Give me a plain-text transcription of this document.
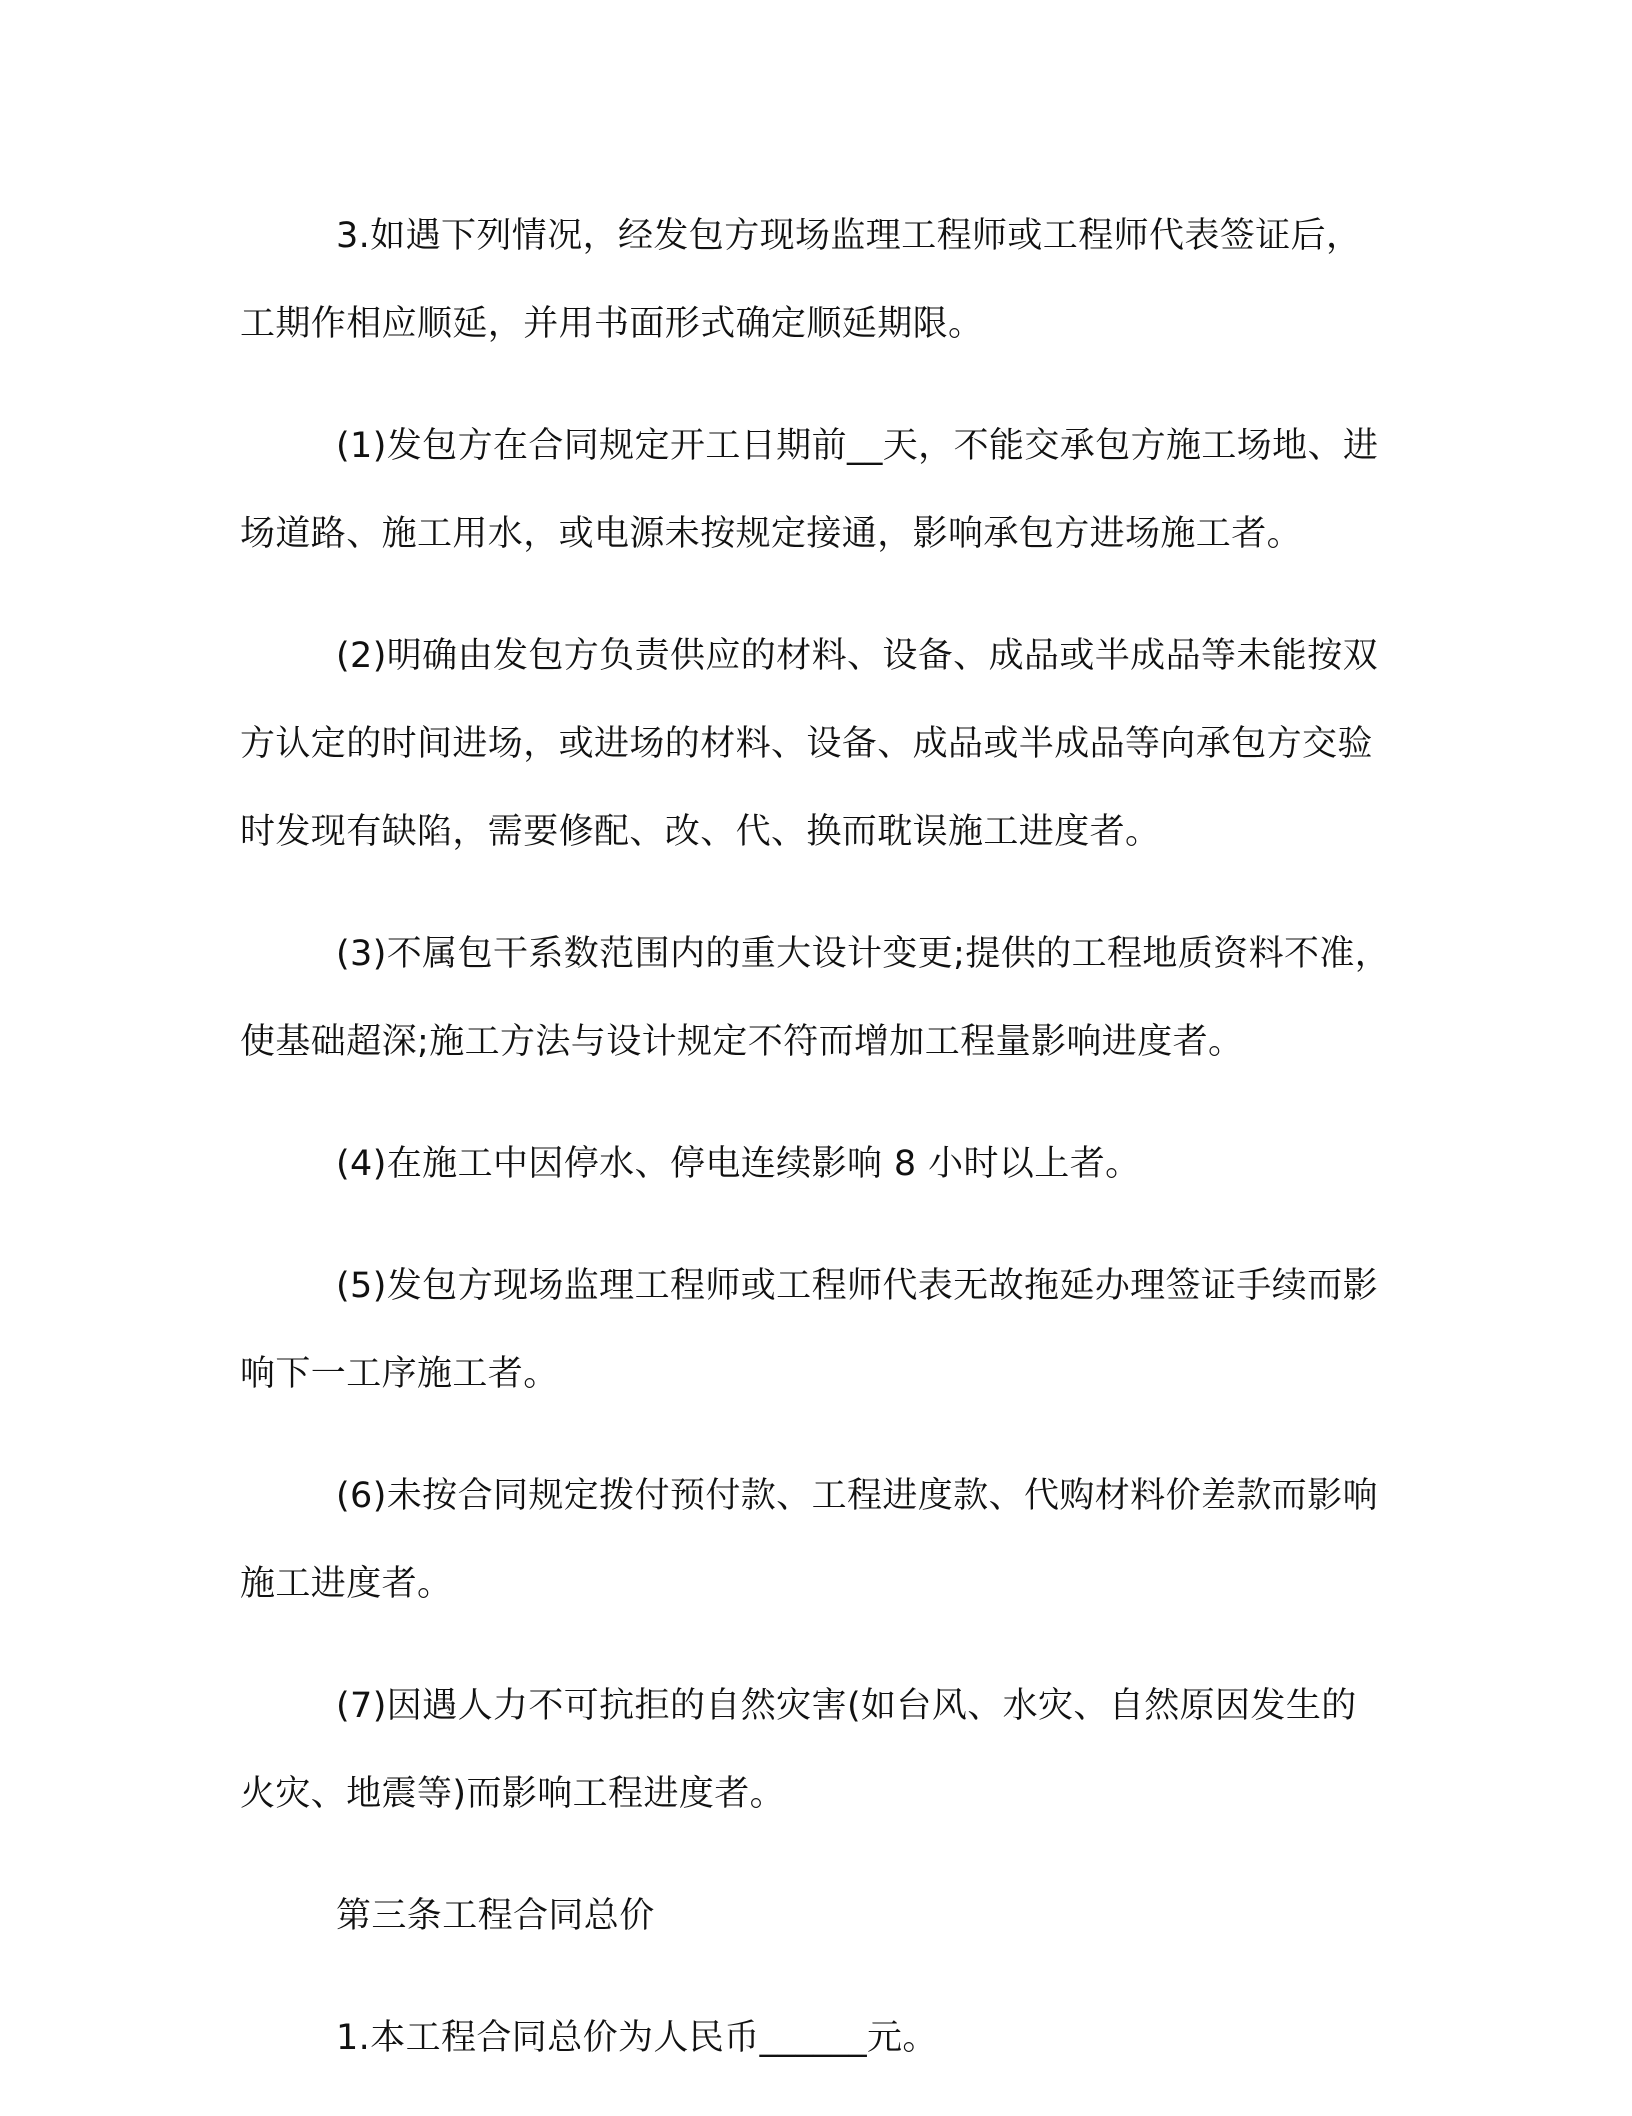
3.如遇下列情况，经发包方现场监理工程师或工程师代表签证后，工期作相应顺延，并用书面形式确定顺延期限。

(1)发包方在合同规定开工日期前__天，不能交承包方施工场地、进场道路、施工用水，或电源未按规定接通，影响承包方进场施工者。

(2)明确由发包方负责供应的材料、设备、成品或半成品等未能按双方认定的时间进场，或进场的材料、设备、成品或半成品等向承包方交验时发现有缺陷，需要修配、改、代、换而耽误施工进度者。

(3)不属包干系数范围内的重大设计变更;提供的工程地质资料不准，使基础超深;施工方法与设计规定不符而增加工程量影响进度者。

(4)在施工中因停水、停电连续影响 8 小时以上者。

(5)发包方现场监理工程师或工程师代表无故拖延办理签证手续而影响下一工序施工者。

(6)未按合同规定拨付预付款、工程进度款、代购材料价差款而影响施工进度者。

(7)因遇人力不可抗拒的自然灾害(如台风、水灾、自然原因发生的火灾、地震等)而影响工程进度者。

第三条工程合同总价

1.本工程合同总价为人民币______元。
